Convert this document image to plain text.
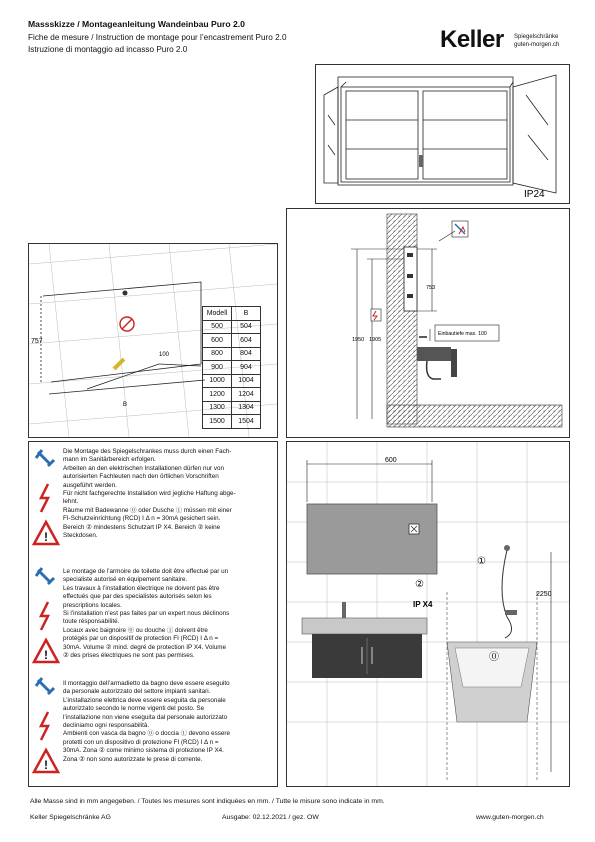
Massskizze / Montageanleitung Wandeinbau Puro 2.0
Fiche de mesure / Instruction de montage pour l’encastrement Puro 2.0
Istruzione di montaggio ad incasso Puro 2.0	Keller Spiegelschränke
guten-morgen.ch
IP24
757
100
B
Modell	B
500	504
600	604
800	804
900	904
1000	1004
1200	1204
1300	1304
1500	1504
Einbautiefe max. 100
753
1950 1905
!
Die Montage des Spiegelschrankes muss durch einen Fach-
mann im Sanitärbereich erfolgen.
Arbeiten an den elektrischen Installationen dürfen nur von
autorisierten Fachleuten nach den örtlichen Vorschriften
ausgeführt werden.
Für nicht fachgerechte Installation wird jegliche Haftung abge-
lehnt.
Räume mit Badewanne ⓪ oder Dusche ① müssen mit einer
FI-Schutzeinrichtung (RCD) I Δ n = 30mA gesichert sein.
Bereich ② mindestens Schutzart IP X4. Bereich ② keine
Steckdosen.
!
Le montage de l’armoire de toilette doit être effectué par un
specialiste autorisé en équipement sanitaire.
Les travaux à l’installation électrique ne doivent pas être
effectués que par des specialistes autorisés selon les
prescriptions locales.
Si l’installation n’est pas faites par un expert nous déclinons
toute résponsabilité.
Locaux avec baignoire ⓪ ou douche ① doivent être
protégés par un dispositif de protection FI (RCD) I Δ n =
30mA. Volume ② mind. degré de protection IP X4. Volume
② des prises électriques ne sont pas permises.
!
Il montaggio dell’armadietto da bagno deve essere eseguito
da personale autorizzato del settore impianti sanitari.
L’installazione elettrica deve essere eseguita da personale
autorizzato secondo le norme vigenti del posto. Se
l’installazione non viene eseguita dal personale autorizzato
decliniamo ogni responsabilità.
Ambienti con vasca da bagno ⓪ o doccia ① devono essere
protetti con un dispositivo di protezione FI (RCD) I Δ n =
30mA. Zona ② come minimo sistema di protezione IP X4.
Zona ② non sono autorizzate le prese di corrente.
600
2250
①
②
IP X4
⓪
Alle Masse sind in mm angegeben. / Toutes les mesures sont indiquées en mm. / Tutte le misure sono indicate in mm.
Keller Spiegelschränke AG	Ausgabe: 02.12.2021 / gez. OW	www.guten-morgen.ch
